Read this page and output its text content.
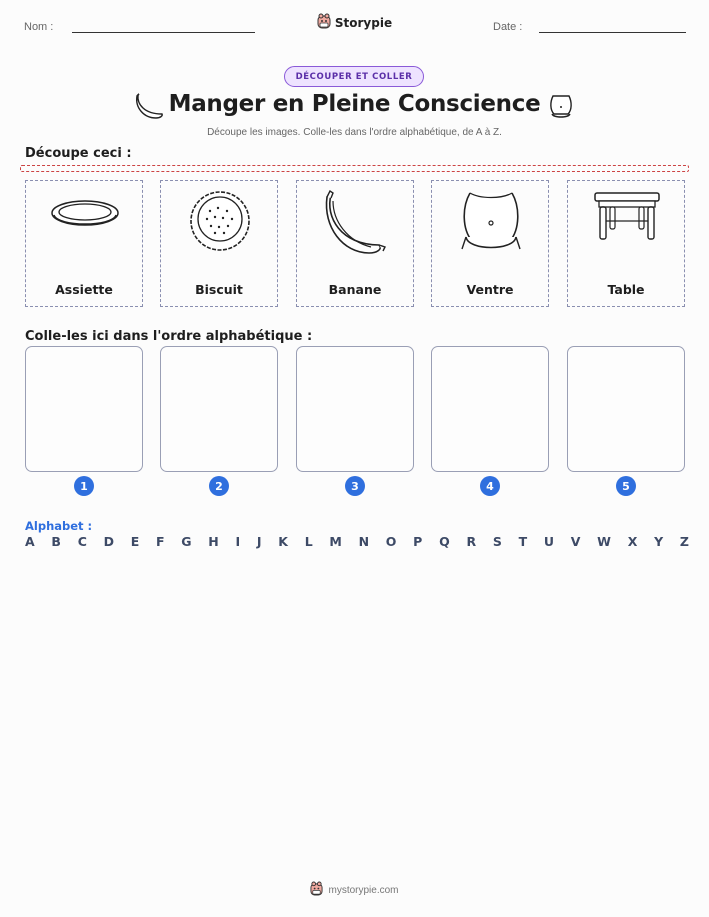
Nom :	Storypie	Date :
DÉCOUPER ET COLLER
Manger en Pleine Conscience
Découpe les images. Colle-les dans l'ordre alphabétique, de A à Z.
Découpe ceci :
Assiette	Biscuit	Banane	Ventre	Table
Colle-les ici dans l'ordre alphabétique :
1	2	3	4	5
Alphabet :
A B C D E F G H I J K L M N O P Q R S T U V W X Y Z
mystorypie.com
